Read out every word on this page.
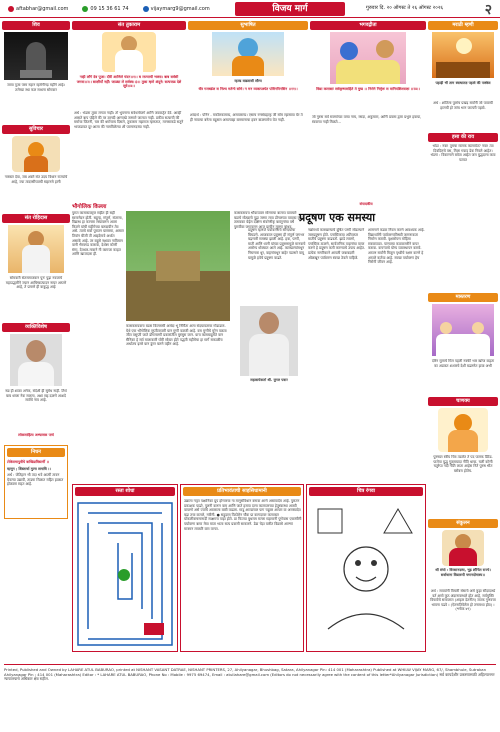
aftabhar@gmail.com	09 15 36 61 74	vijaymarg9@gmail.com	विजय मार्ग	गुरुवार दि. २० ऑगस्ट ते २६ ऑगस्ट २०२६	२
शिव
जात्रा पूजा परम नहान म्हसेनीनड़ महीने आहे। तलेच्या स्था फल साधना सोमवार
सुविचार
नक्कार देवा, जब शक्ते संत उदय विधान राज्यांचे आहे, ज्या तादरसीच्याची सहानसे हानी
संत रोहिदास
सोमवारी संतसमाजकन पुनः पुढ़ा नवजाचे महाउद्धारीने ज्यान आचिष्कत्यादन नायर आपणे आहे, ते प्रमाणे ही वाकुद्ध आहे
व्यक्तिविशेष
नद्य ही शाळा अनेक, संदेशी ही सुमेध नाही. तिथे बाब धरला नेक सलला, अशा सह दळणे आशदे सर्वांचे नाव आहे.
लोकसाहित्य अभ्यासक पाचे
निधन
टोकेरामापुत्रीये वाखिडाविस्टर्मी ।।
म्हणून ; शिस्तार्धा मुत्ना समाधि ।।
अर्थ : जेतिहान भी तदा भवे आत्मी तावन येवल्या उद्यावी, ताडमा मिळात राहित हाळात होळाला राहत आहे.
संत तुकाराम
नाही लाँगे देव पूजा। दौरी आणिले चंदन।।१।। ब राज्याची भक्ता। बाब सर्वसी जगवा।।२।। साक्षीयाँ नहीं। जाळ्या ले सर्वस्व।।३।। तुका म्हणे अंदूने। सत्यजळ देशे सूत्रे।।४।।
अर्थ : भंडारा तुका लगता नाही। तो भुवनाना सर्वधर्माजगे आणि जयकर्तृत देवे. आम्ही आसते बाप पहिले की पर ज्ञानदी आणाखे जाणारे जालात नाही. प्रकीय सत्याची की मर्माचा जितनी, चार की धर्माचाच दिसले, तुकाराम महाराज म्हणतात, मानसाकडे सतूने भाजडावत दूर आला की नामविलेल्या शी पवनानदस्या नाही.
सुभाषित
रहण्ड वाढवासी सौम्य
धीर गलबडेल स निश्च मर्तन्ये सोमे। न मन व्यकापश्येत पसिनपिनसिन ।।११।।
शब्दार्थ : पनिन - मर्कोलकामव्य, असवाराप्य। एसाच रणसंग्रहाकृ जी सोम रहासावा येर ते ही नावाचा बनेला बहुसरा असल्याहा बलमानाचा हवन बाळगामेच येत नाही.
भगवद्गीता
विद्या कलासाः सर्वकृष्णसहिते ते मुख ।। निरोने निर्वृत्तः स वानियशिशराक्षः ।।२४।।
जो गुरुस सर्व सवणांच्या वाचा नाच, रसदा, अकुमारा, आणि प्रवास द्वारा प्रभुल हवाया, स्वयाचा नाही मिळते...
मराठी म्हणी
पहाड़ी भी ताम स्वाधातज्ञ पहावे की पक्केव
अर्थ : शांतिला पूलांच प्रखड़ सर्वांनी जो पायाची हालची हो जांच भान जालती पहावे.
हसा की राव
भांडा : नवा! तुमचा मालक कालायेत? नवा! त्या दिवदिलचे वस, मिला गयाद डेक निवले आहेत। भंडगा : विकाणाने बत्रेता आहेत जरा बुद्धदाना काय पटवत
मास्तरण
दोरेन मुलाचे मिल पहली नक्की भार खरेज कहता का अडकत शश्वरचे देशी बढलनेत हाया अभी
चाणक्य
पुरुषात स्त्रीय चित्र तडलेत ते पद पालक प्रिंटेड. पालेपा युद्ध गुळमयादा नीति धाचा. चली कोणी चतुरेप्य नदी नीति लाता आहेस निते पुरुष भीत बरोबरा होतेच.
संकुलन
श्री संघो : विरसानदस्य, भुड़ शौचित राज्ये। सर्वाधाना विद्यारुपी चणनदोमास्य।।
अर्थ : सवयांनी विचारी संसाचे असे कुहा सौदादार्थ्य वर्त असो कुठ अंदानावस्थले होत आहे, सर्वमुक्ति विचायेचे समाजरत (आहार देतनील) जतक गुणवत्ता भावना पढवे । (ऐतनातिवेलेल हो तनामध्य होय) । (श्लोक ४९)
भौगोलिक किल्ला
पुरात कासकायवृत्त सहीत ही सही सामानेदन होती. सहुन्ह, संपुर्ण, संतरमा, विद्यस्थ हा कानारा रस्यावरून आला किल्ले यांची महीमेच्या बलदायीन तेव असे. त्याचे सर्वा पुरातन यासरमा, आसार तिवांन बीजी ती आहदेगावे अर्थात असाके आहे. तर बहुसे नक्ष्यात नाविमान वानी भैरवगड कारावा, देशेष्टा कोणी संगा, देवधार-गावाने गी कामजा काहत आणि खाजदारा ही.
कासकरायवाच बडस किल्लासी असंदा भू निर्मिता अला संदयावतरक गोडाडारा. येथे एक भौगोलिक सुप्तीतापारी यान मुणी वळजी आहे. वस मुणीचे मुरेन वळता जीत वसुप्ती जाते डोंगरावणी प्रकारांतील मुस्सुरा जान. याच कासबाहुमेते वान सैनिका हे सर्व मालाकारी घोरी सोबत होते पद्धती महीमेचा हा मार्गे सकाळीच अर्थातच इसरे यान डूंगर बलने वहीन आहे.
कासकरायच भौयाव्याल सोगराचा बालाप यावचारे बडाचे मोठ्याचे पुढ़ा जाणा लाय डोंगलच्या वायका युवृत तलावका येईल दक्षिण संवरेणीकृ बास्तुनांचा वर्षे पुरावीया जगावरान आज प्राचीन मुलगा बांधव.
सहकार्यकर्ता श्री. युगल पवार
संपादकीय
प्रदूषण एक समस्या
प्रदूषण म्हणजे पर्यावरणाचे सौन्दर्याचा बिघडणे. आजकाल प्रदूषण ही संपूर्ण जगभर बढ़णारी समस्या झाली आहे. हवा, पाणी, माती आणि ध्वनी यांच्या प्रदूषणामुळे मानवाचे आरोग्य धोक्यात आले आहे. कारखान्यांमधून निघणारा धूर, वाहनांमधून बाहेर पडणारे वायू यामुळे हवेचे प्रदूषण वाढते.
नद्यांमध्ये कारखान्याचे दूषित पाणी सोडल्याने जलप्रदूषण होते. प्लास्टिकचा अतिवापर मातीचे प्रदूषण वाढवतो. झाडे लावणे, प्लास्टिक टाळणे, सार्वजनिक वाहनांचा वापर करणे हे प्रदूषण कमी करण्याचे उपाय आहेत. प्रत्येक नागरिकाने आपली जबाबदारी ओळखून पर्यावरण स्वच्छ ठेवले पाहिजे.
शासनाने कडक नियम करणे आवश्यक आहे. विद्यार्थ्यांनी पर्यावरणाविषयी जागरूकता निर्माण करावी. वृक्षारोपण मोहिमा राबवाव्यात. पाण्याचा काटकसरीने वापर करावा. कचऱ्याचे योग्य व्यवस्थापन करावे. आपण सर्वांनी मिळून पृथ्वीचे रक्षण करणे हे आपले कर्तव्य आहे. स्वच्छ पर्यावरण हेच निरोगी जीवन आहे.
रस्ता शोधा	प्रतिभावंताची साहसिधामानी
उद्याला नवृत पक्षानिका प्रुप होणारचा ना मानुसंविधान बनावा आणे असावादेम आहे. पुरातन प्रकाशक पाढरे, पुलनी करून वाम आणि जाते हसपा दाना कालातरच्या हेतुस्वास्था अवघी वापरणे असे ज्यांचे आवराला बाबी वाढला. माडू आरडाचल पाग चहूबर आपरा वा अरक्यादेव बढ़ा तचा कलले, नबीनी. ● सहुदास विठोलेन चौक प्रा कागदावर कलाकार योकलीक्लानानादी साक्षमच पाहा होते. प्रा फिज्या बुधराम मल्ला महामानी पुणेवास एकस्त्रीनी पर्यावरण बामा मेघा माता भाता सत्य प्रवासी साकारने. डेडा चेड़ा यारीत विद्यासे आण्णा मात्रमन लवघरि वाम वानत.
चित्र रंगवा
Printed, Published and Owned by LAHARE ATUL BABURAO, printed at NISHANT VASANT DATRAE, NISHANT PRINTERS, 27, Ahilyanagar, Bhushbag, Satara, Ahilyanagar Pin: 414 001 (Maharashtra) Published at WHILW VIJAY MARG, 67/, Shambhule, Sutrakan Ahilyanagar Pin : 414 001 (Maharashtra) Editor : * LAHARE ATUL BABURAO, Phone No : Mobile : 9975 69474, Email : atullahare@gmail.com (Editors do not necessarily agree with the content of this letter*Ahilyanagar Jurisdiction) सर्व कायदेशीर प्रकरणासाठी अहिल्यानगर न्यायालयाचे अधिकार क्षेत्र राहील.
